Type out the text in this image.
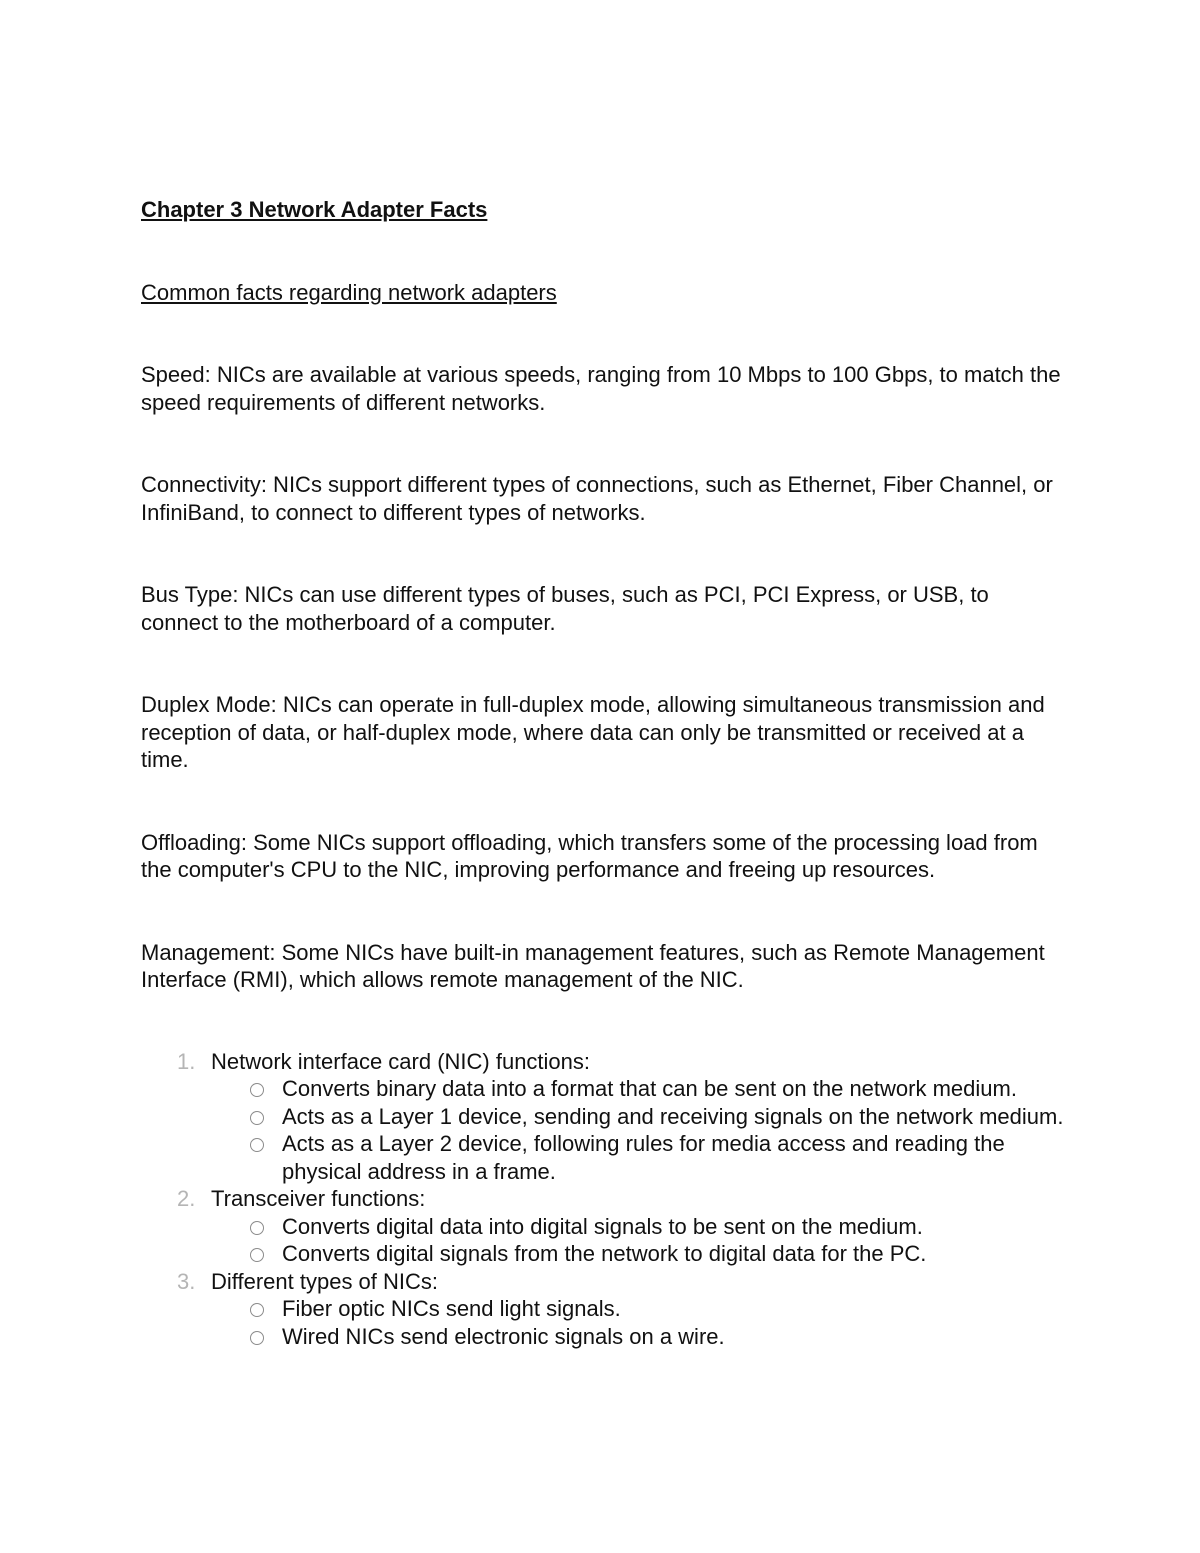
Chapter 3 Network Adapter Facts

Common facts regarding network adapters

Speed: NICs are available at various speeds, ranging from 10 Mbps to 100 Gbps, to match the speed requirements of different networks.

Connectivity: NICs support different types of connections, such as Ethernet, Fiber Channel, or InfiniBand, to connect to different types of networks.

Bus Type: NICs can use different types of buses, such as PCI, PCI Express, or USB, to connect to the motherboard of a computer.

Duplex Mode: NICs can operate in full-duplex mode, allowing simultaneous transmission and reception of data, or half-duplex mode, where data can only be transmitted or received at a time.

Offloading: Some NICs support offloading, which transfers some of the processing load from the computer's CPU to the NIC, improving performance and freeing up resources.

Management: Some NICs have built-in management features, such as Remote Management Interface (RMI), which allows remote management of the NIC.

1. Network interface card (NIC) functions:
Converts binary data into a format that can be sent on the network medium.
Acts as a Layer 1 device, sending and receiving signals on the network medium.
Acts as a Layer 2 device, following rules for media access and reading the physical address in a frame.
2. Transceiver functions:
Converts digital data into digital signals to be sent on the medium.
Converts digital signals from the network to digital data for the PC.
3. Different types of NICs:
Fiber optic NICs send light signals.
Wired NICs send electronic signals on a wire.
